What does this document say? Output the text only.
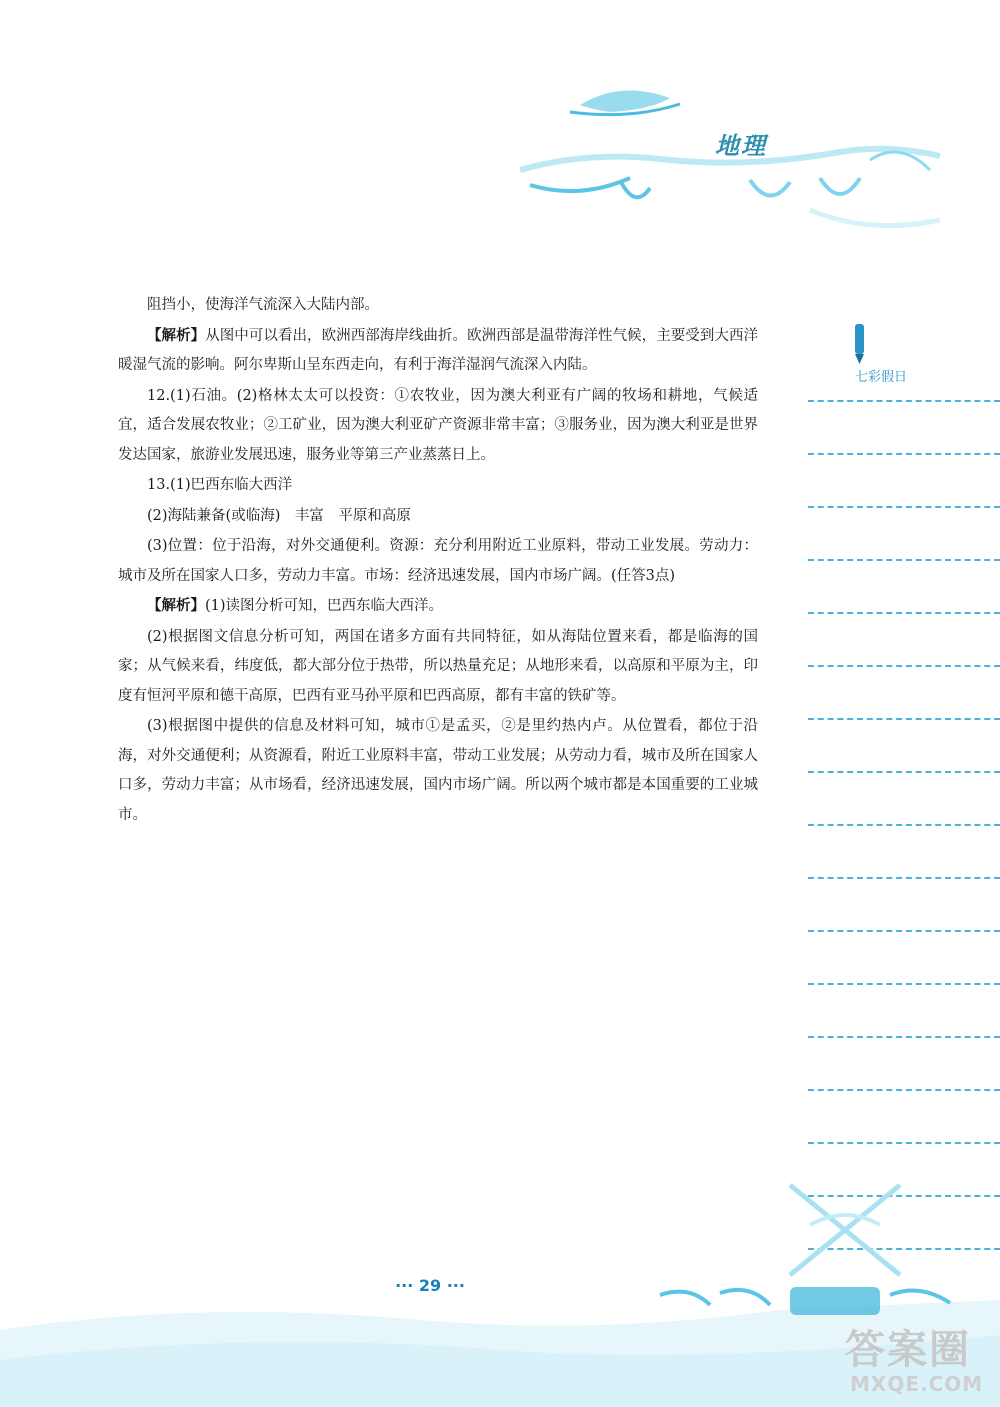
地理
七彩假日

阻挡小，使海洋气流深入大陆内部。

【解析】从图中可以看出，欧洲西部海岸线曲折。欧洲西部是温带海洋性气候，主要受到大西洋暖湿气流的影响。阿尔卑斯山呈东西走向，有利于海洋湿润气流深入内陆。

12.(1)石油。(2)格林太太可以投资：①农牧业，因为澳大利亚有广阔的牧场和耕地，气候适宜，适合发展农牧业；②工矿业，因为澳大利亚矿产资源非常丰富；③服务业，因为澳大利亚是世界发达国家，旅游业发展迅速，服务业等第三产业蒸蒸日上。

13.(1)巴西东临大西洋

(2)海陆兼备(或临海)　丰富　平原和高原

(3)位置：位于沿海，对外交通便利。资源：充分利用附近工业原料，带动工业发展。劳动力：城市及所在国家人口多，劳动力丰富。市场：经济迅速发展，国内市场广阔。(任答3点)

【解析】(1)读图分析可知，巴西东临大西洋。

(2)根据图文信息分析可知，两国在诸多方面有共同特征，如从海陆位置来看，都是临海的国家；从气候来看，纬度低，都大部分位于热带，所以热量充足；从地形来看，以高原和平原为主，印度有恒河平原和德干高原，巴西有亚马孙平原和巴西高原，都有丰富的铁矿等。

(3)根据图中提供的信息及材料可知，城市①是孟买，②是里约热内卢。从位置看，都位于沿海，对外交通便利；从资源看，附近工业原料丰富，带动工业发展；从劳动力看，城市及所在国家人口多，劳动力丰富；从市场看，经济迅速发展，国内市场广阔。所以两个城市都是本国重要的工业城市。

··· 29 ···
答案圈
MXQE.COM
